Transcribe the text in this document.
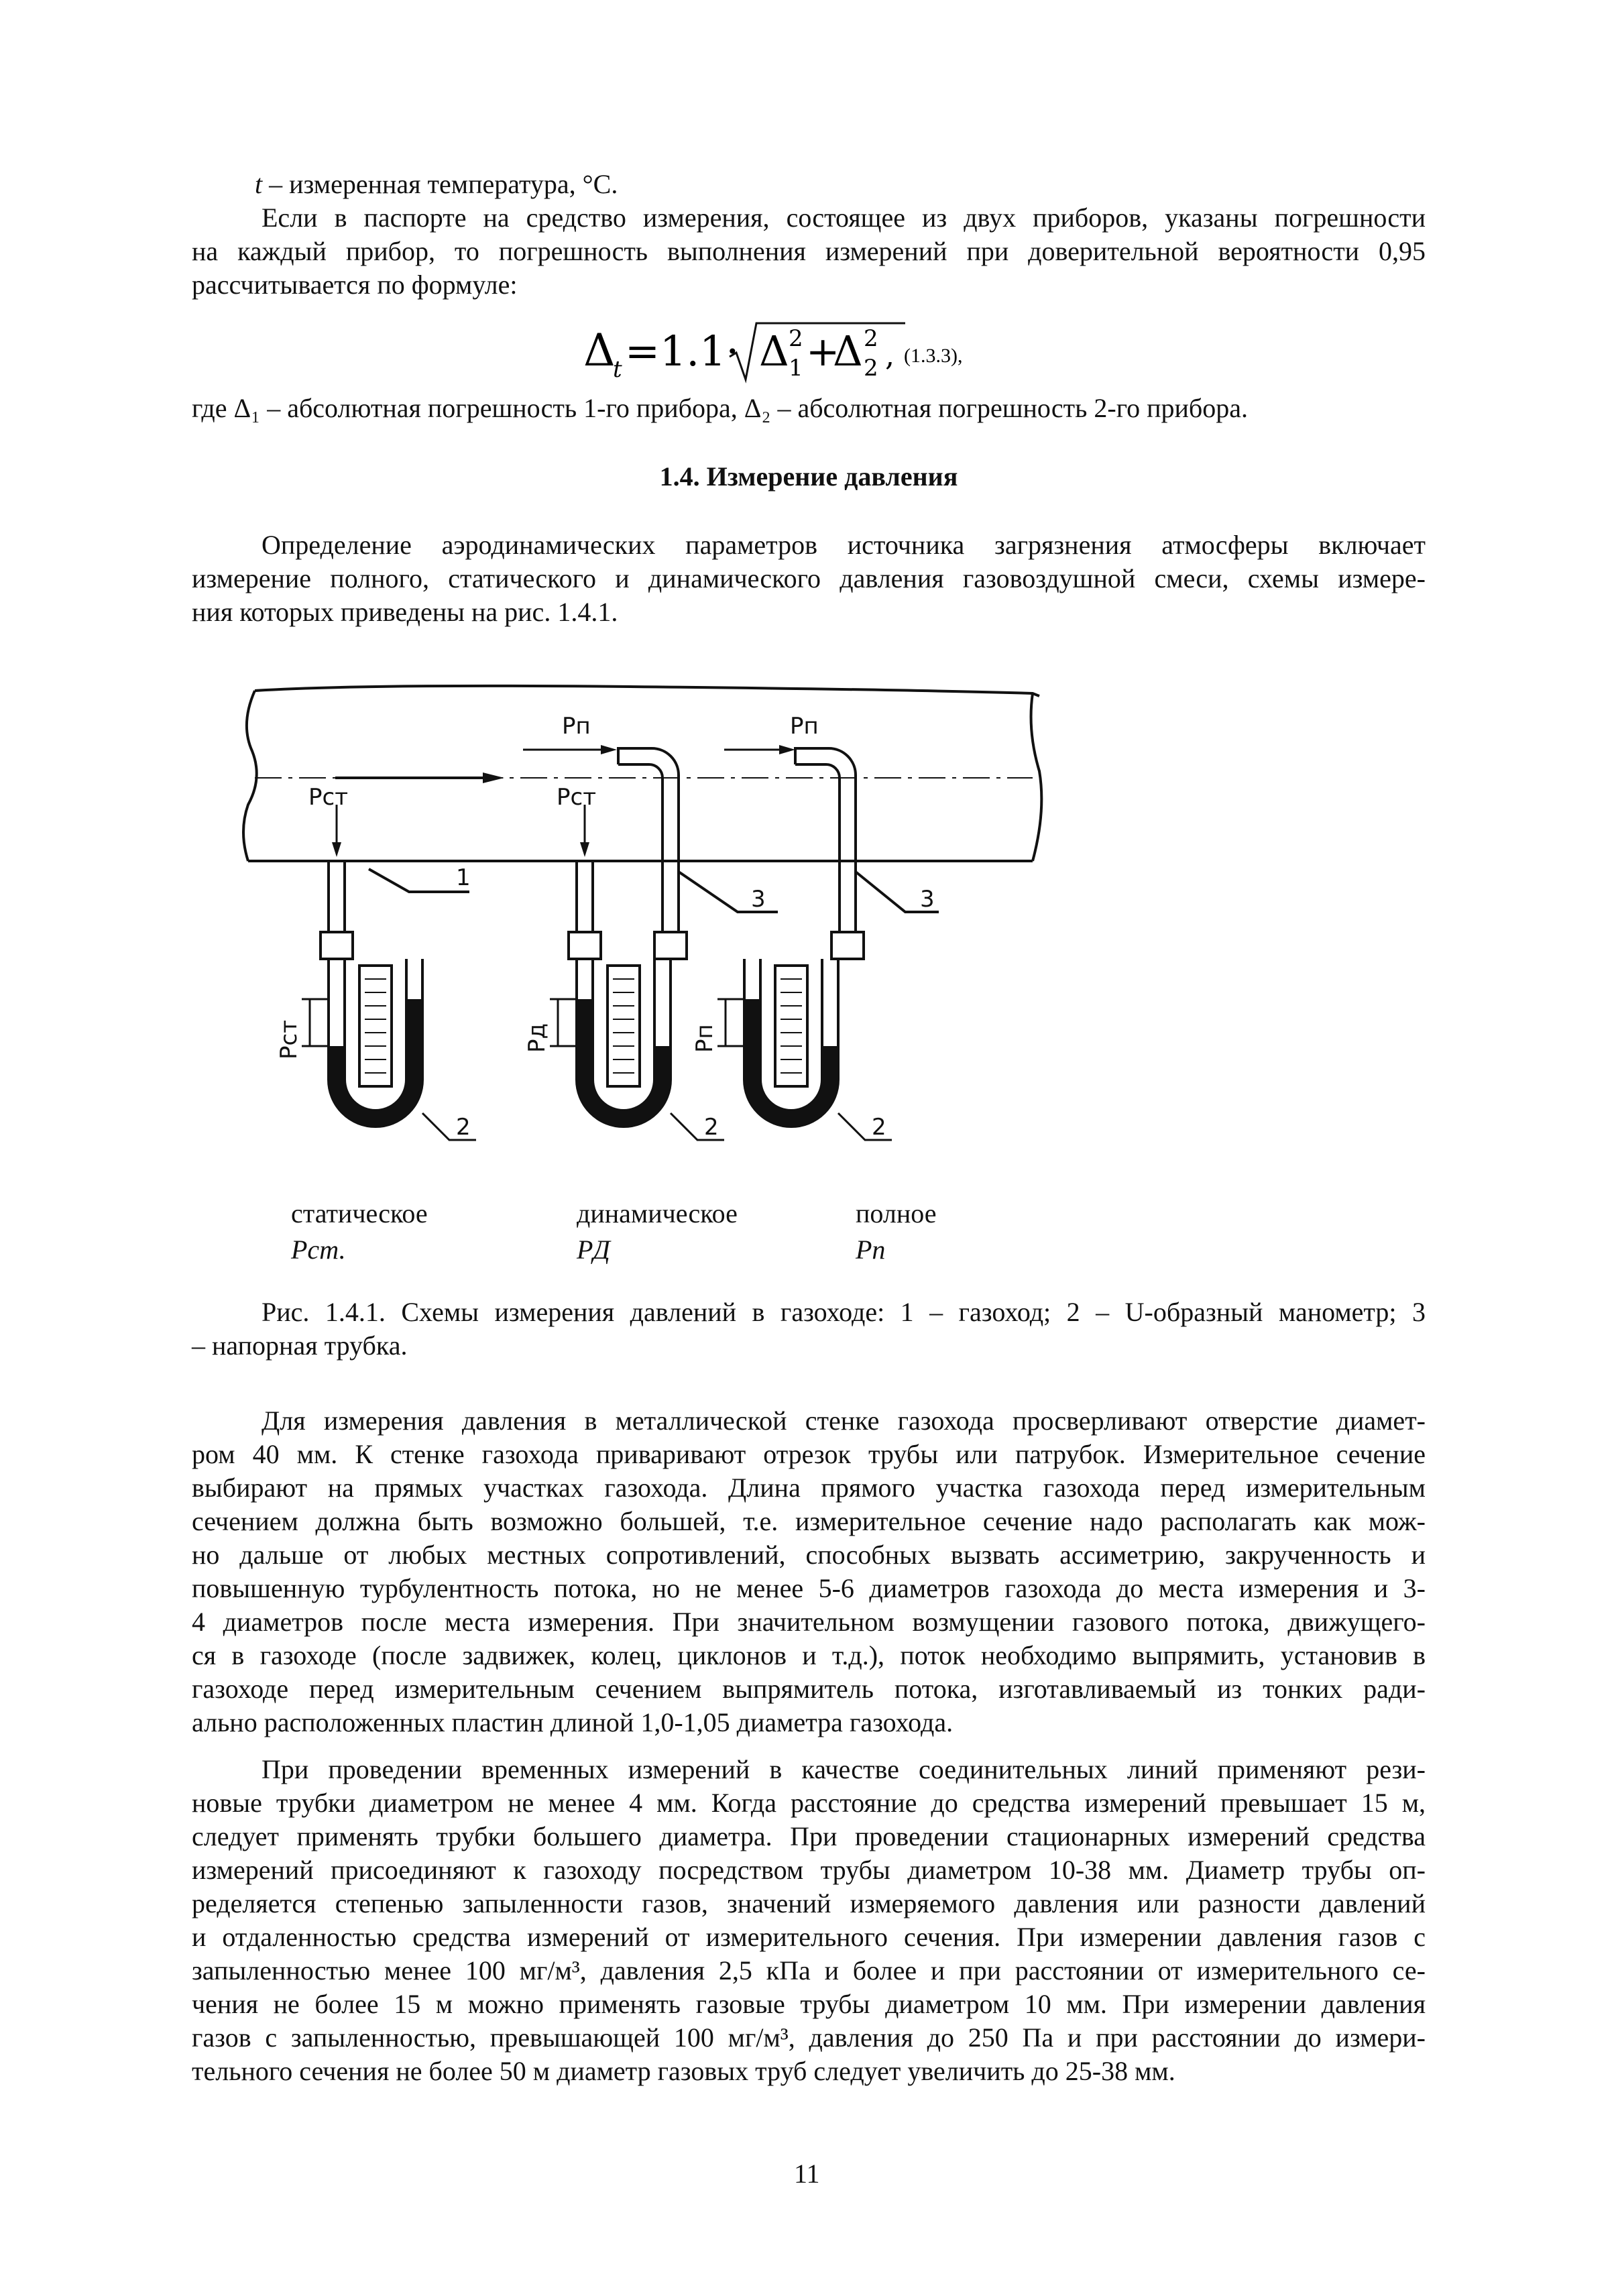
t – измеренная температура, °С.
Если в паспорте на средство измерения, состоящее из двух приборов, указаны погрешности
на каждый прибор, то погрешность выполнения измерений при доверительной вероятности 0,95
рассчитывается по формуле:
Δ
t =1.1· Δ 2
1 +
Δ 2
2 , (1.3.3),
где Δ₁ – абсолютная погрешность 1-го прибора, Δ₂ – абсолютная погрешность 2-го прибора.
1.4. Измерение давления
Определение аэродинамических параметров источника загрязнения атмосферы включает
измерение полного, статического и динамического давления газовоздушной смеси, схемы измере-
ния которых приведены на рис. 1.4.1.
Pст
Pп
Pст
Pп
1
3	3
2	2	2
Pст	Pд	Pп
статическое
Pст.
динамическое
PД
полное
Pп
Рис. 1.4.1. Схемы измерения давлений в газоходе: 1 – газоход; 2 – U-образный манометр; 3
– напорная трубка.
Для измерения давления в металлической стенке газохода просверливают отверстие диамет-
ром 40 мм. К стенке газохода приваривают отрезок трубы или патрубок. Измерительное сечение
выбирают на прямых участках газохода. Длина прямого участка газохода перед измерительным
сечением должна быть возможно большей, т.е. измерительное сечение надо располагать как мож-
но дальше от любых местных сопротивлений, способных вызвать ассиметрию, закрученность и
повышенную турбулентность потока, но не менее 5-6 диаметров газохода до места измерения и 3-
4 диаметров после места измерения. При значительном возмущении газового потока, движущего-
ся в газоходе (после задвижек, колец, циклонов и т.д.), поток необходимо выпрямить, установив в
газоходе перед измерительным сечением выпрямитель потока, изготавливаемый из тонких ради-
ально расположенных пластин длиной 1,0-1,05 диаметра газохода.
При проведении временных измерений в качестве соединительных линий применяют рези-
новые трубки диаметром не менее 4 мм. Когда расстояние до средства измерений превышает 15 м,
следует применять трубки большего диаметра. При проведении стационарных измерений средства
измерений присоединяют к газоходу посредством трубы диаметром 10-38 мм. Диаметр трубы оп-
ределяется степенью запыленности газов, значений измеряемого давления или разности давлений
и отдаленностью средства измерений от измерительного сечения. При измерении давления газов с
запыленностью менее 100 мг/м³, давления 2,5 кПа и более и при расстоянии от измерительного се-
чения не более 15 м можно применять газовые трубы диаметром 10 мм. При измерении давления
газов с запыленностью, превышающей 100 мг/м³, давления до 250 Па и при расстоянии до измери-
тельного сечения не более 50 м диаметр газовых труб следует увеличить до 25-38 мм.
11
